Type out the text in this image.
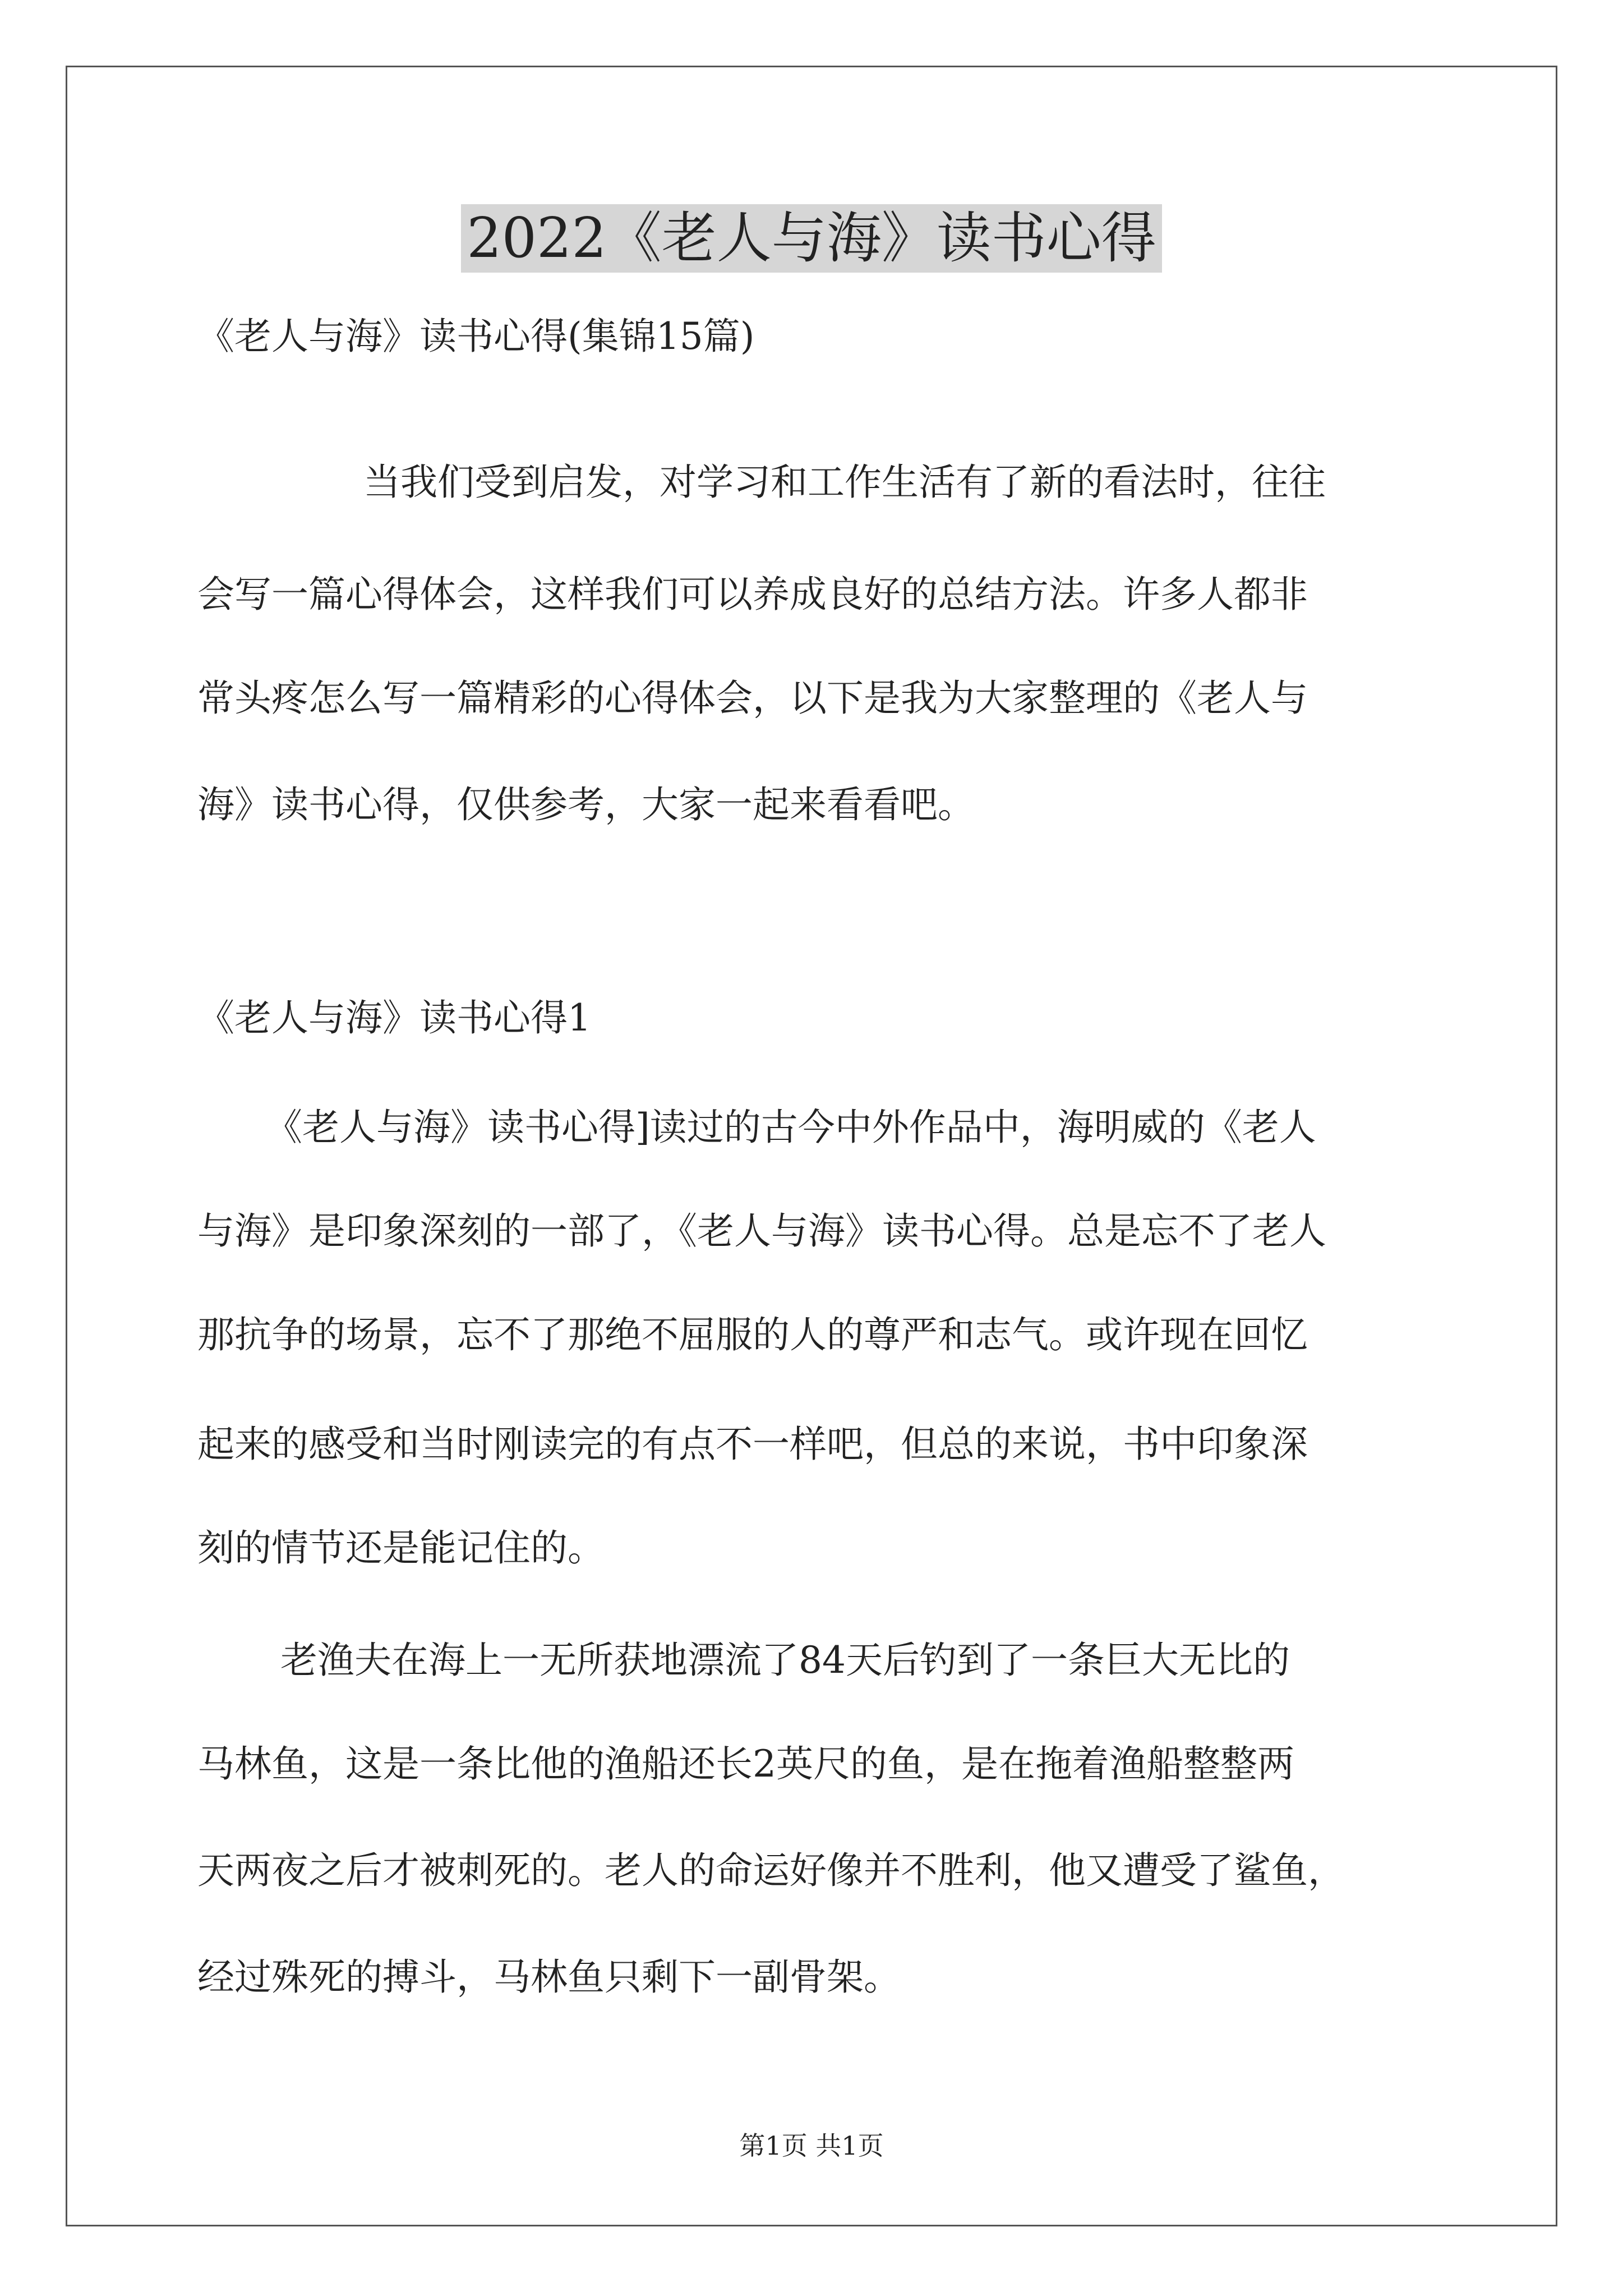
2022《老人与海》读书心得
《老人与海》读书心得(集锦15篇)
当我们受到启发，对学习和工作生活有了新的看法时，往往
会写一篇心得体会，这样我们可以养成良好的总结方法。许多人都非
常头疼怎么写一篇精彩的心得体会，以下是我为大家整理的《老人与
海》读书心得，仅供参考，大家一起来看看吧。
《老人与海》读书心得1
《老人与海》读书心得]读过的古今中外作品中，海明威的《老人
与海》是印象深刻的一部了，《老人与海》读书心得。总是忘不了老人
那抗争的场景，忘不了那绝不屈服的人的尊严和志气。或许现在回忆
起来的感受和当时刚读完的有点不一样吧，但总的来说，书中印象深
刻的情节还是能记住的。
老渔夫在海上一无所获地漂流了84天后钓到了一条巨大无比的
马林鱼，这是一条比他的渔船还长2英尺的鱼，是在拖着渔船整整两
天两夜之后才被刺死的。老人的命运好像并不胜利，他又遭受了鲨鱼，
经过殊死的搏斗，马林鱼只剩下一副骨架。
第1页 共1页
